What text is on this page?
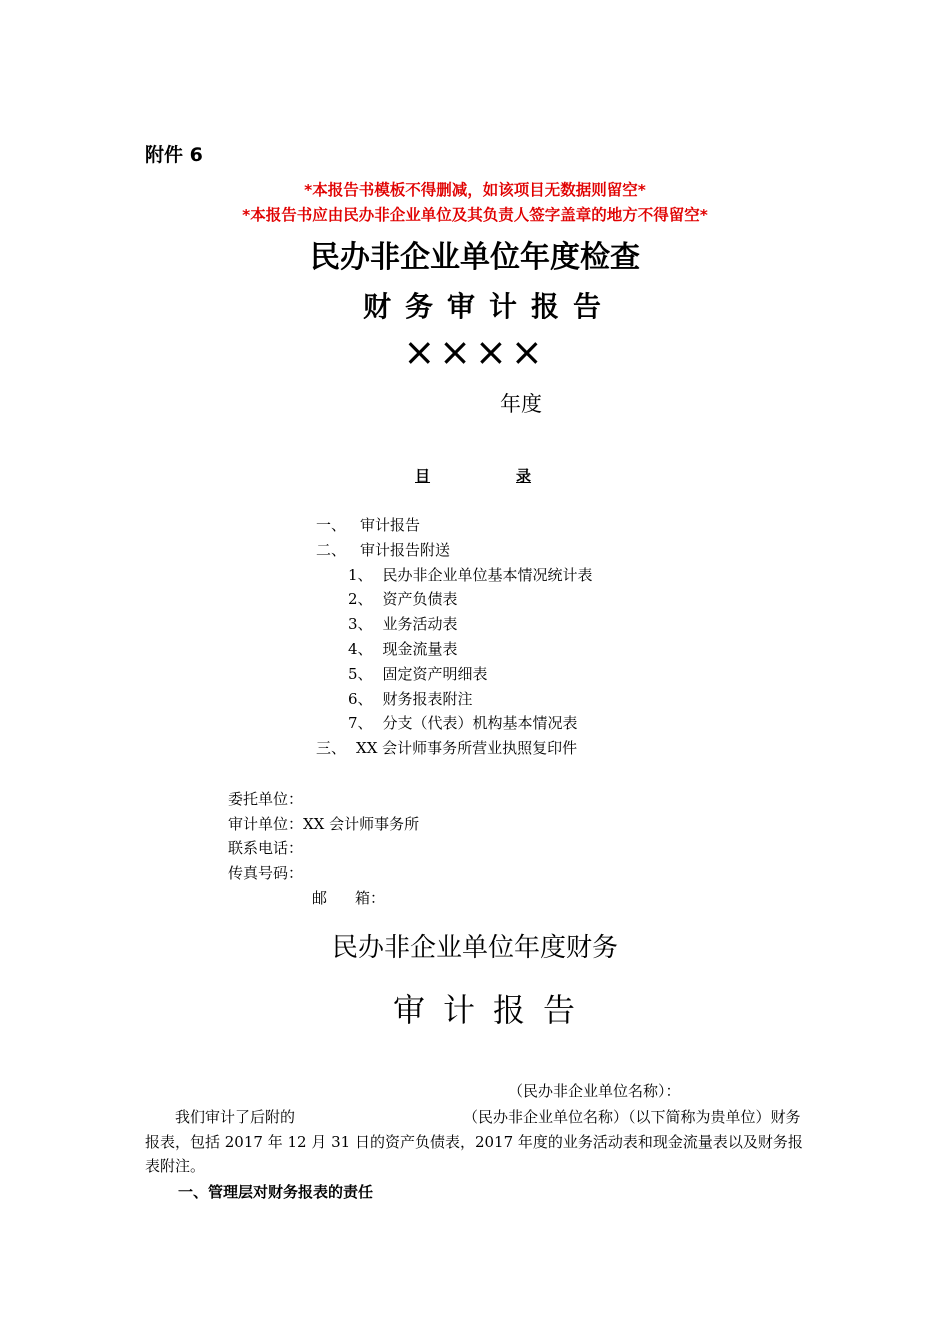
附件 6
*本报告书模板不得删减，如该项目无数据则留空*
*本报告书应由民办非企业单位及其负责人签字盖章的地方不得留空*
民办非企业单位年度检查
财务审计报告
××××
年度
目	录
一、 审计报告
二、 审计报告附送
1、 民办非企业单位基本情况统计表
2、 资产负债表
3、 业务活动表
4、 现金流量表
5、 固定资产明细表
6、 财务报表附注
7、 分支（代表）机构基本情况表
三、 XX 会计师事务所营业执照复印件
委托单位：
审计单位：XX 会计师事务所
联系电话：
传真号码：
邮 箱：
民办非企业单位年度财务
审计报告
（民办非企业单位名称）：
我们审计了后附的	（民办非企业单位名称）（以下简称为贵单位）财务报表，包括 2017 年 12 月 31 日的资产负债表，2017 年度的业务活动表和现金流量表以及财务报表附注。
一、管理层对财务报表的责任
